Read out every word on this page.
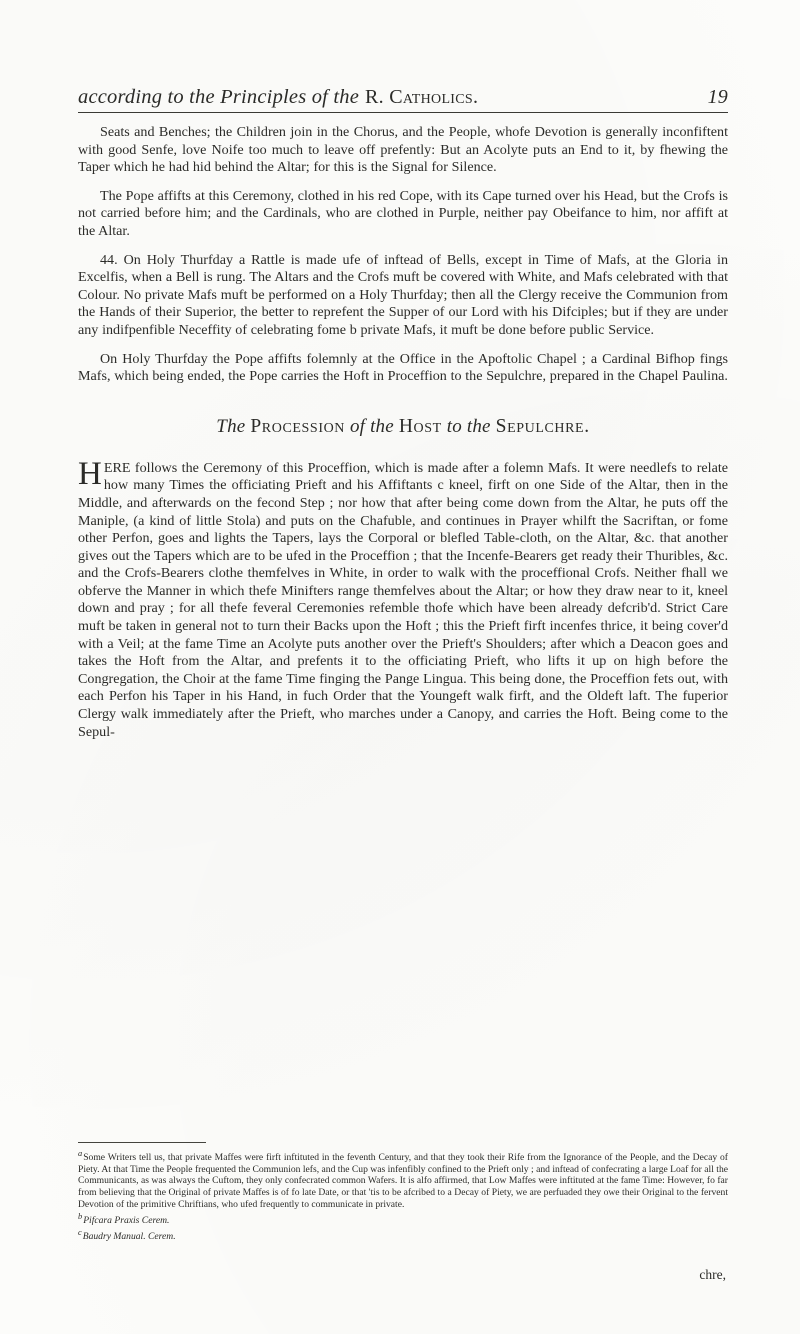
according to the Principles of the R. Catholics.	19

Seats and Benches; the Children join in the Chorus, and the People, whofe Devotion is generally inconfiftent with good Senfe, love Noife too much to leave off prefently: But an Acolyte puts an End to it, by fhewing the Taper which he had hid behind the Altar; for this is the Signal for Silence.

The Pope affifts at this Ceremony, clothed in his red Cope, with its Cape turned over his Head, but the Crofs is not carried before him; and the Cardinals, who are clothed in Purple, neither pay Obeifance to him, nor affift at the Altar.

44. On Holy Thurfday a Rattle is made ufe of inftead of Bells, except in Time of Mafs, at the Gloria in Excelfis, when a Bell is rung. The Altars and the Crofs muft be covered with White, and Mafs celebrated with that Colour. No private Mafs muft be performed on a Holy Thurfday; then all the Clergy receive the Communion from the Hands of their Superior, the better to reprefent the Supper of our Lord with his Difciples; but if they are under any indifpenfible Neceffity of celebrating fome b private Mafs, it muft be done before public Service.

On Holy Thurfday the Pope affifts folemnly at the Office in the Apoftolic Chapel ; a Cardinal Bifhop fings Mafs, which being ended, the Pope carries the Hoft in Proceffion to the Sepulchre, prepared in the Chapel Paulina.

The Procession of the Host to the Sepulchre.
H ERE follows the Ceremony of this Proceffion, which is made after a folemn Mafs. It were needlefs to relate how many Times the officiating Prieft and his Affiftants c kneel, firft on one Side of the Altar, then in the Middle, and afterwards on the fecond Step ; nor how that after being come down from the Altar, he puts off the Maniple, (a kind of little Stola) and puts on the Chafuble, and continues in Prayer whilft the Sacriftan, or fome other Perfon, goes and lights the Tapers, lays the Corporal or blefled Table-cloth, on the Altar, &c. that another gives out the Tapers which are to be ufed in the Proceffion ; that the Incenfe-Bearers get ready their Thuribles, &c. and the Crofs-Bearers clothe themfelves in White, in order to walk with the proceffional Crofs. Neither fhall we obferve the Manner in which thefe Minifters range themfelves about the Altar; or how they draw near to it, kneel down and pray ; for all thefe feveral Ceremonies refemble thofe which have been already defcrib'd. Strict Care muft be taken in general not to turn their Backs upon the Hoft ; this the Prieft firft incenfes thrice, it being cover'd with a Veil; at the fame Time an Acolyte puts another over the Prieft's Shoulders; after which a Deacon goes and takes the Hoft from the Altar, and prefents it to the officiating Prieft, who lifts it up on high before the Congregation, the Choir at the fame Time finging the Pange Lingua. This being done, the Proceffion fets out, with each Perfon his Taper in his Hand, in fuch Order that the Youngeft walk firft, and the Oldeft laft. The fuperior Clergy walk immediately after the Prieft, who marches under a Canopy, and carries the Hoft. Being come to the Sepul-

aSome Writers tell us, that private Maffes were firft inftituted in the feventh Century, and that they took their Rife from the Ignorance of the People, and the Decay of Piety. At that Time the People frequented the Communion lefs, and the Cup was infenfibly confined to the Prieft only ; and inftead of confecrating a large Loaf for all the Communicants, as was always the Cuftom, they only confecrated common Wafers. It is alfo affirmed, that Low Maffes were inftituted at the fame Time: However, fo far from believing that the Original of private Maffes is of fo late Date, or that 'tis to be afcribed to a Decay of Piety, we are perfuaded they owe their Original to the fervent Devotion of the primitive Chriftians, who ufed frequently to communicate in private.

bPifcara Praxis Cerem.

cBaudry Manual. Cerem.

chre,
